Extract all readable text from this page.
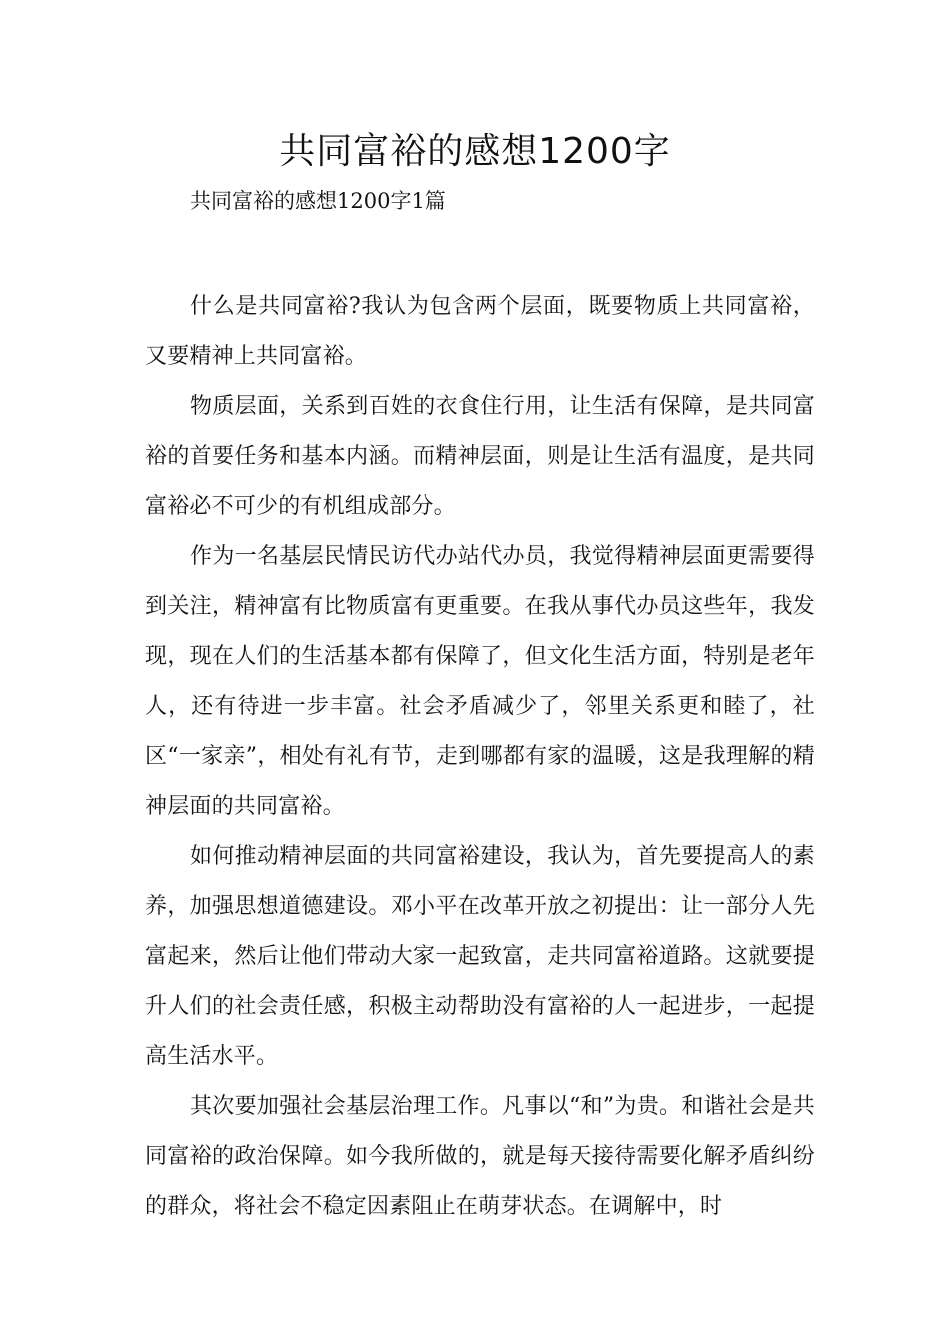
共同富裕的感想1200字

共同富裕的感想1200字1篇

什么是共同富裕?我认为包含两个层面，既要物质上共同富裕，又要精神上共同富裕。

物质层面，关系到百姓的衣食住行用，让生活有保障，是共同富裕的首要任务和基本内涵。而精神层面，则是让生活有温度，是共同富裕必不可少的有机组成部分。

作为一名基层民情民访代办站代办员，我觉得精神层面更需要得到关注，精神富有比物质富有更重要。在我从事代办员这些年，我发现，现在人们的生活基本都有保障了，但文化生活方面，特别是老年人，还有待进一步丰富。社会矛盾减少了，邻里关系更和睦了，社区“一家亲”，相处有礼有节，走到哪都有家的温暖，这是我理解的精神层面的共同富裕。

如何推动精神层面的共同富裕建设，我认为，首先要提高人的素养，加强思想道德建设。邓小平在改革开放之初提出：让一部分人先富起来，然后让他们带动大家一起致富，走共同富裕道路。这就要提升人们的社会责任感，积极主动帮助没有富裕的人一起进步，一起提高生活水平。

其次要加强社会基层治理工作。凡事以“和”为贵。和谐社会是共同富裕的政治保障。如今我所做的，就是每天接待需要化解矛盾纠纷的群众，将社会不稳定因素阻止在萌芽状态。在调解中，时
